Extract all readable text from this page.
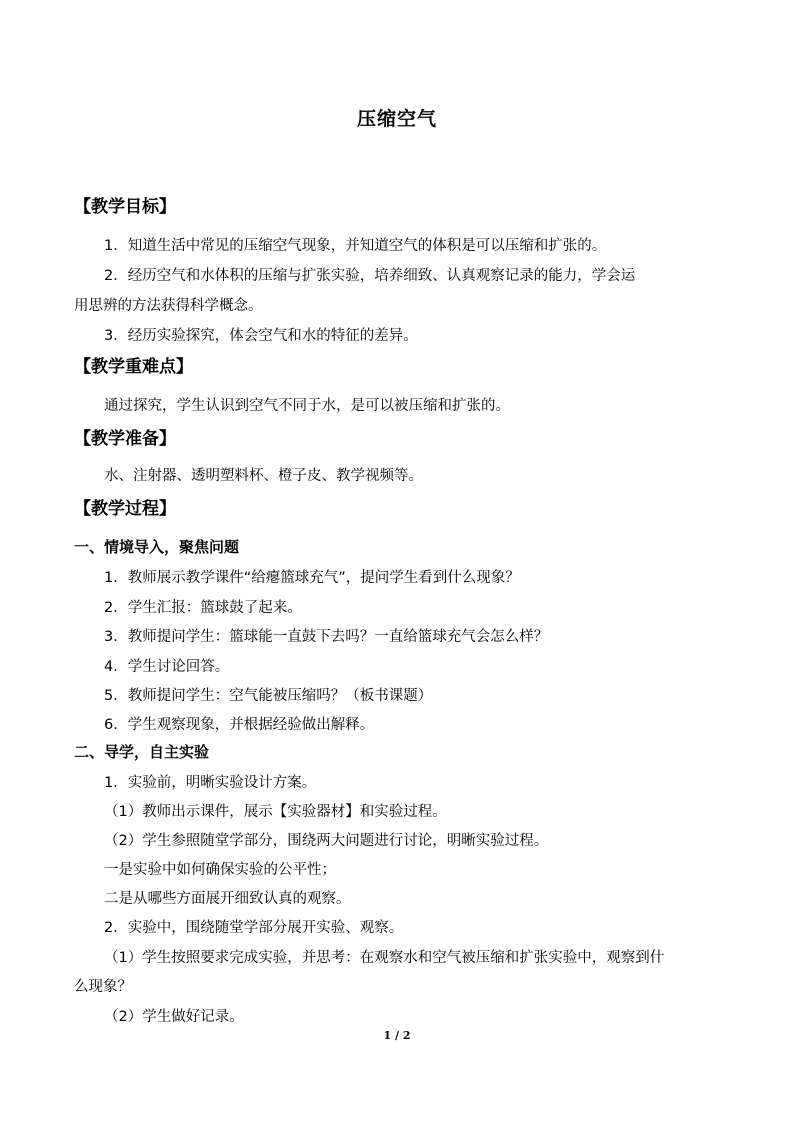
压缩空气
【教学目标】
1．知道生活中常见的压缩空气现象，并知道空气的体积是可以压缩和扩张的。
2．经历空气和水体积的压缩与扩张实验，培养细致、认真观察记录的能力，学会运
用思辨的方法获得科学概念。
3．经历实验探究，体会空气和水的特征的差异。
【教学重难点】
通过探究，学生认识到空气不同于水，是可以被压缩和扩张的。
【教学准备】
水、注射器、透明塑料杯、橙子皮、教学视频等。
【教学过程】
一、情境导入，聚焦问题
1．教师展示教学课件“给瘪篮球充气”，提问学生看到什么现象？
2．学生汇报：篮球鼓了起来。
3．教师提问学生：篮球能一直鼓下去吗？一直给篮球充气会怎么样？
4．学生讨论回答。
5．教师提问学生：空气能被压缩吗？（板书课题）
6．学生观察现象，并根据经验做出解释。
二、导学，自主实验
1．实验前，明晰实验设计方案。
（1）教师出示课件，展示【实验器材】和实验过程。
（2）学生参照随堂学部分，围绕两大问题进行讨论，明晰实验过程。
一是实验中如何确保实验的公平性；
二是从哪些方面展开细致认真的观察。
2．实验中，围绕随堂学部分展开实验、观察。
（1）学生按照要求完成实验，并思考：在观察水和空气被压缩和扩张实验中，观察到什
么现象？
（2）学生做好记录。
1 / 2
